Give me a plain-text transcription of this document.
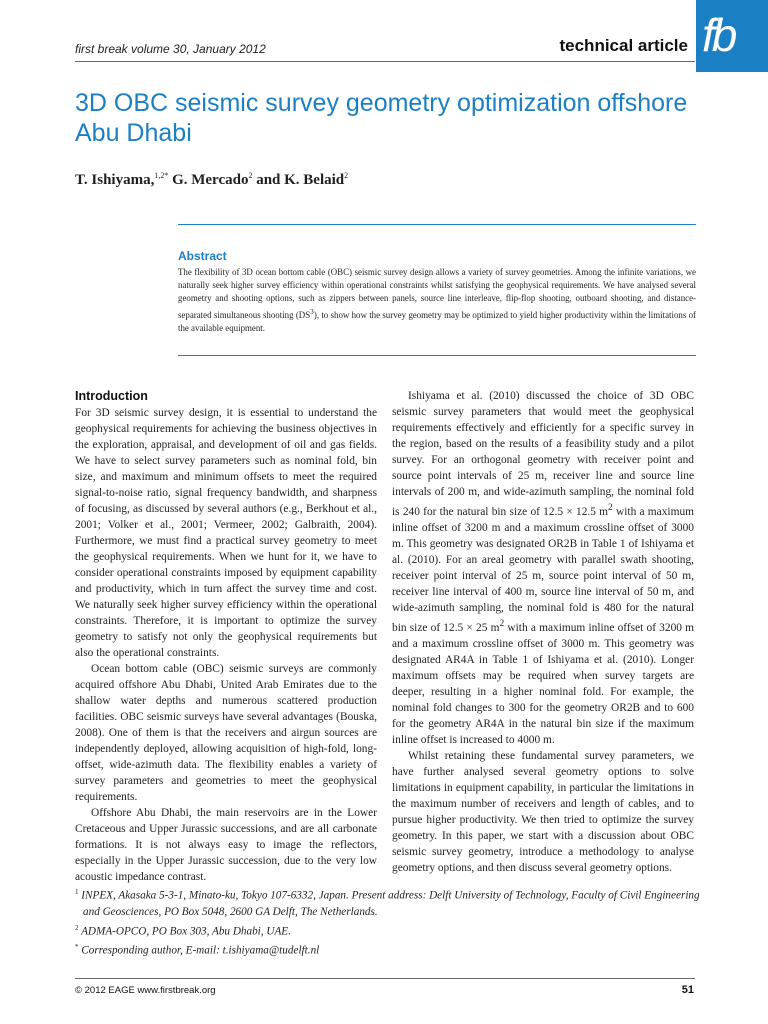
first break volume 30, January 2012	technical article fb
3D OBC seismic survey geometry optimization offshore Abu Dhabi
T. Ishiyama,$^{1,2*}$ G. Mercado$^2$ and K. Belaid$^2$
Abstract

The flexibility of 3D ocean bottom cable (OBC) seismic survey design allows a variety of survey geometries. Among the infinite variations, we naturally seek higher survey efficiency within operational constraints whilst satisfying the geophysical requirements. We have analysed several geometry and shooting options, such as zippers between panels, source line interleave, flip-flop shooting, outboard shooting, and distance-separated simultaneous shooting $(DS^3)$, to show how the survey geometry may be optimized to yield higher productivity within the limitations of the available equipment.

Introduction

For 3D seismic survey design, it is essential to understand the geophysical requirements for achieving the business objectives in the exploration, appraisal, and development of oil and gas fields. We have to select survey parameters such as nominal fold, bin size, and maximum and minimum offsets to meet the required signal-to-noise ratio, signal frequency bandwidth, and sharpness of focusing, as discussed by several authors (e.g., Berkhout et al., 2001; Volker et al., 2001; Vermeer, 2002; Galbraith, 2004). Furthermore, we must find a practical survey geometry to meet the geophysical requirements. When we hunt for it, we have to consider operational constraints imposed by equipment capability and productivity, which in turn affect the survey time and cost. We naturally seek higher survey efficiency within the operational constraints. Therefore, it is important to optimize the survey geometry to satisfy not only the geophysical requirements but also the operational constraints.

Ocean bottom cable (OBC) seismic surveys are commonly acquired offshore Abu Dhabi, United Arab Emirates due to the shallow water depths and numerous scattered production facilities. OBC seismic surveys have several advantages (Bouska, 2008). One of them is that the receivers and airgun sources are independently deployed, allowing acquisition of high-fold, long-offset, wide-azimuth data. The flexibility enables a variety of survey parameters and geometries to meet the geophysical requirements.

Offshore Abu Dhabi, the main reservoirs are in the Lower Cretaceous and Upper Jurassic successions, and are all carbonate formations. It is not always easy to image the reflectors, especially in the Upper Jurassic succession, due to the very low acoustic impedance contrast.

Ishiyama et al. (2010) discussed the choice of 3D OBC seismic survey parameters that would meet the geophysical requirements effectively and efficiently for a specific survey in the region, based on the results of a feasibility study and a pilot survey. For an orthogonal geometry with receiver point and source point intervals of 25 m, receiver line and source line intervals of 200 m, and wide-azimuth sampling, the nominal fold is 240 for the natural bin size of 12.5 × 12.5 $m^2$ with a maximum inline offset of 3200 m and a maximum crossline offset of 3000 m. This geometry was designated OR2B in Table 1 of Ishiyama et al. (2010). For an areal geometry with parallel swath shooting, receiver point interval of 25 m, source point interval of 50 m, receiver line interval of 400 m, source line interval of 50 m, and wide-azimuth sampling, the nominal fold is 480 for the natural bin size of 12.5 × 25 $m^2$ with a maximum inline offset of 3200 m and a maximum crossline offset of 3000 m. This geometry was designated AR4A in Table 1 of Ishiyama et al. (2010). Longer maximum offsets may be required when survey targets are deeper, resulting in a higher nominal fold. For example, the nominal fold changes to 300 for the geometry OR2B and to 600 for the geometry AR4A in the natural bin size if the maximum inline offset is increased to 4000 m.

Whilst retaining these fundamental survey parameters, we have further analysed several geometry options to solve limitations in equipment capability, in particular the limitations in the maximum number of receivers and length of cables, and to pursue higher productivity. We then tried to optimize the survey geometry. In this paper, we start with a discussion about OBC seismic survey geometry, introduce a methodology to analyse geometry options, and then discuss several geometry options.

$^1$ INPEX, Akasaka 5-3-1, Minato-ku, Tokyo 107-6332, Japan. Present address: Delft University of Technology, Faculty of Civil Engineering and Geosciences, PO Box 5048, 2600 GA Delft, The Netherlands.
$^2$ ADMA-OPCO, PO Box 303, Abu Dhabi, UAE.
* Corresponding author, E-mail: t.ishiyama@tudelft.nl
© 2012 EAGE www.firstbreak.org	51
